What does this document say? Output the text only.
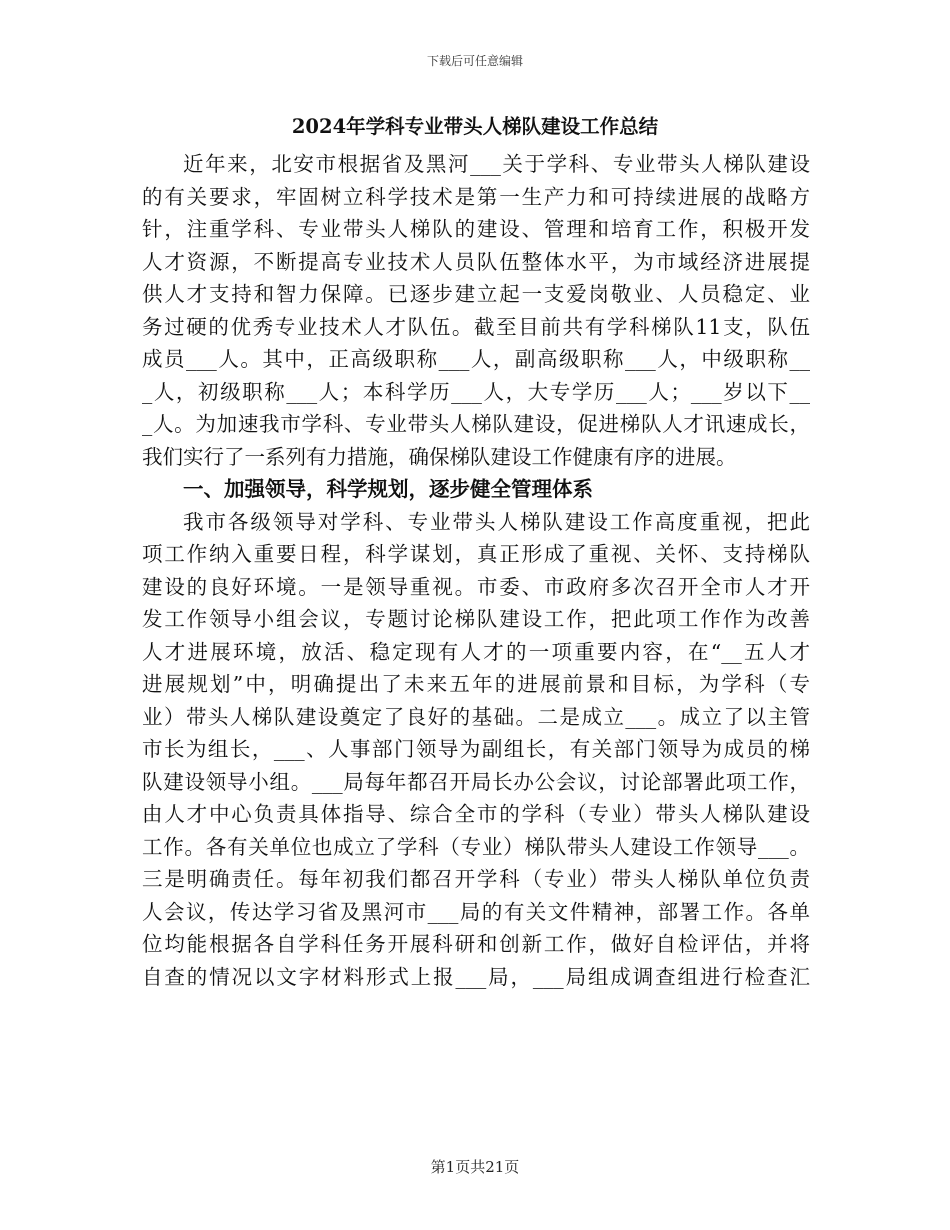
下载后可任意编辑
2024年学科专业带头人梯队建设工作总结
近年来，北安市根据省及黑河___关于学科、专业带头人梯队建设
的有关要求，牢固树立科学技术是第一生产力和可持续进展的战略方
针，注重学科、专业带头人梯队的建设、管理和培育工作，积极开发
人才资源，不断提高专业技术人员队伍整体水平，为市域经济进展提
供人才支持和智力保障。已逐步建立起一支爱岗敬业、人员稳定、业
务过硬的优秀专业技术人才队伍。截至目前共有学科梯队11支，队伍
成员___人。其中，正高级职称___人，副高级职称___人，中级职称__
_人，初级职称___人；本科学历___人，大专学历___人；___岁以下__
_人。为加速我市学科、专业带头人梯队建设，促进梯队人才讯速成长，
我们实行了一系列有力措施，确保梯队建设工作健康有序的进展。
一、加强领导，科学规划，逐步健全管理体系
我市各级领导对学科、专业带头人梯队建设工作高度重视，把此
项工作纳入重要日程，科学谋划，真正形成了重视、关怀、支持梯队
建设的良好环境。一是领导重视。市委、市政府多次召开全市人才开
发工作领导小组会议，专题讨论梯队建设工作，把此项工作作为改善
人才进展环境，放活、稳定现有人才的一项重要内容，在“__五人才
进展规划”中，明确提出了未来五年的进展前景和目标，为学科（专
业）带头人梯队建设奠定了良好的基础。二是成立___。成立了以主管
市长为组长，___、人事部门领导为副组长，有关部门领导为成员的梯
队建设领导小组。___局每年都召开局长办公会议，讨论部署此项工作，
由人才中心负责具体指导、综合全市的学科（专业）带头人梯队建设
工作。各有关单位也成立了学科（专业）梯队带头人建设工作领导___。
三是明确责任。每年初我们都召开学科（专业）带头人梯队单位负责
人会议，传达学习省及黑河市___局的有关文件精神，部署工作。各单
位均能根据各自学科任务开展科研和创新工作，做好自检评估，并将
自查的情况以文字材料形式上报___局，___局组成调查组进行检查汇
第1页共21页
